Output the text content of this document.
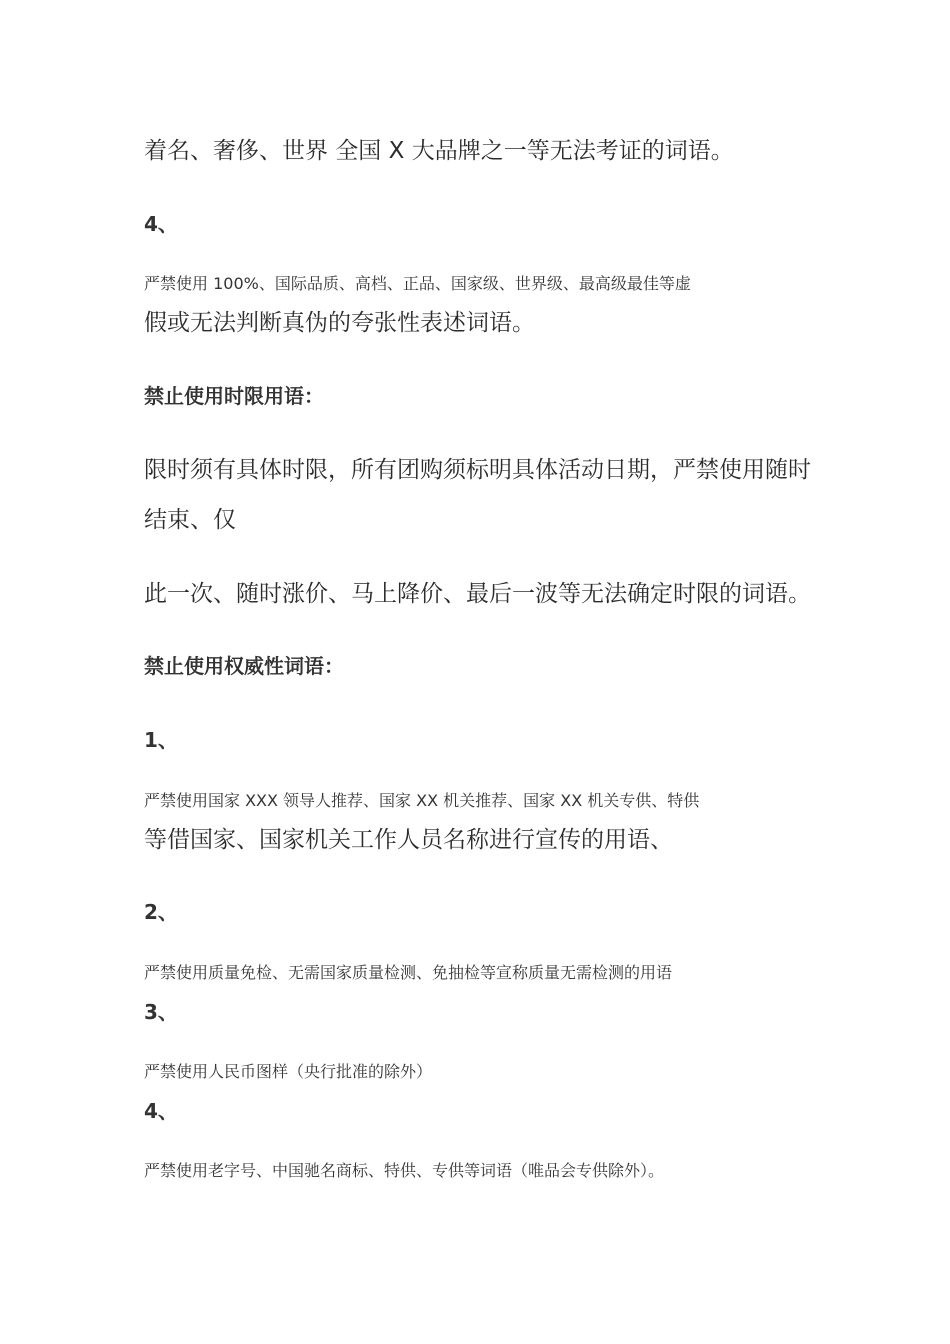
着名、奢侈、世界 全国 X 大品牌之一等无法考证的词语。
4、
严禁使用 100%、国际品质、高档、正品、国家级、世界级、最高级最佳等虚
假或无法判断真伪的夸张性表述词语。
禁止使用时限用语：
限时须有具体时限，所有团购须标明具体活动日期，严禁使用随时
结束、仅
此一次、随时涨价、马上降价、最后一波等无法确定时限的词语。
禁止使用权威性词语：
1、
严禁使用国家 XXX 领导人推荐、国家 XX 机关推荐、国家 XX 机关专供、特供
等借国家、国家机关工作人员名称进行宣传的用语、
2、
严禁使用质量免检、无需国家质量检测、免抽检等宣称质量无需检测的用语
3、
严禁使用人民币图样（央行批准的除外）
4、
严禁使用老字号、中国驰名商标、特供、专供等词语（唯品会专供除外）。
